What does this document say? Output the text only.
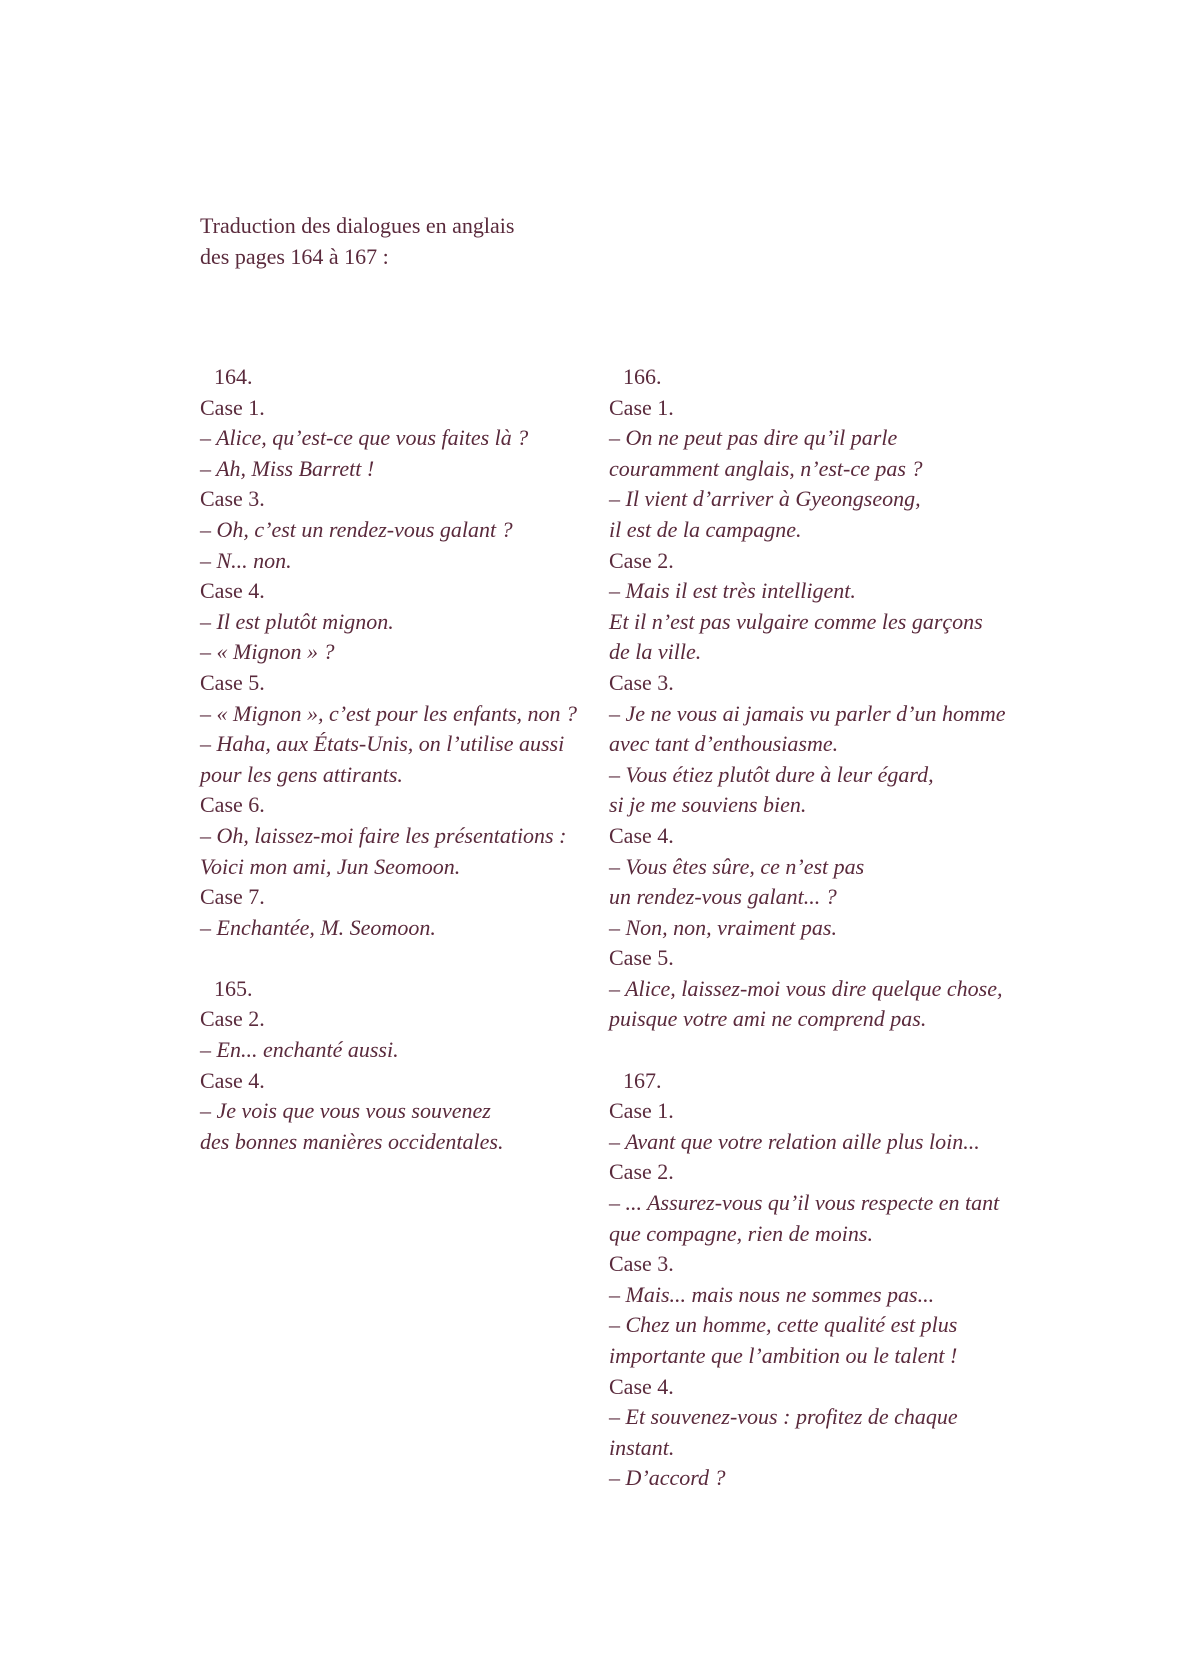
Traduction des dialogues en anglais
des pages 164 à 167 :
164.
Case 1.
– Alice, qu’est-ce que vous faites là ?
– Ah, Miss Barrett !
Case 3.
– Oh, c’est un rendez-vous galant ?
– N... non.
Case 4.
– Il est plutôt mignon.
– « Mignon » ?
Case 5.
– « Mignon », c’est pour les enfants, non ?
– Haha, aux États-Unis, on l’utilise aussi
pour les gens attirants.
Case 6.
– Oh, laissez-moi faire les présentations :
Voici mon ami, Jun Seomoon.
Case 7.
– Enchantée, M. Seomoon.
165.
Case 2.
– En... enchanté aussi.
Case 4.
– Je vois que vous vous souvenez
des bonnes manières occidentales.
166.
Case 1.
– On ne peut pas dire qu’il parle
couramment anglais, n’est-ce pas ?
– Il vient d’arriver à Gyeongseong,
il est de la campagne.
Case 2.
– Mais il est très intelligent.
Et il n’est pas vulgaire comme les garçons
de la ville.
Case 3.
– Je ne vous ai jamais vu parler d’un homme
avec tant d’enthousiasme.
– Vous étiez plutôt dure à leur égard,
si je me souviens bien.
Case 4.
– Vous êtes sûre, ce n’est pas
un rendez-vous galant... ?
– Non, non, vraiment pas.
Case 5.
– Alice, laissez-moi vous dire quelque chose,
puisque votre ami ne comprend pas.
167.
Case 1.
– Avant que votre relation aille plus loin...
Case 2.
– ... Assurez-vous qu’il vous respecte en tant
que compagne, rien de moins.
Case 3.
– Mais... mais nous ne sommes pas...
– Chez un homme, cette qualité est plus
importante que l’ambition ou le talent !
Case 4.
– Et souvenez-vous : profitez de chaque
instant.
– D’accord ?
